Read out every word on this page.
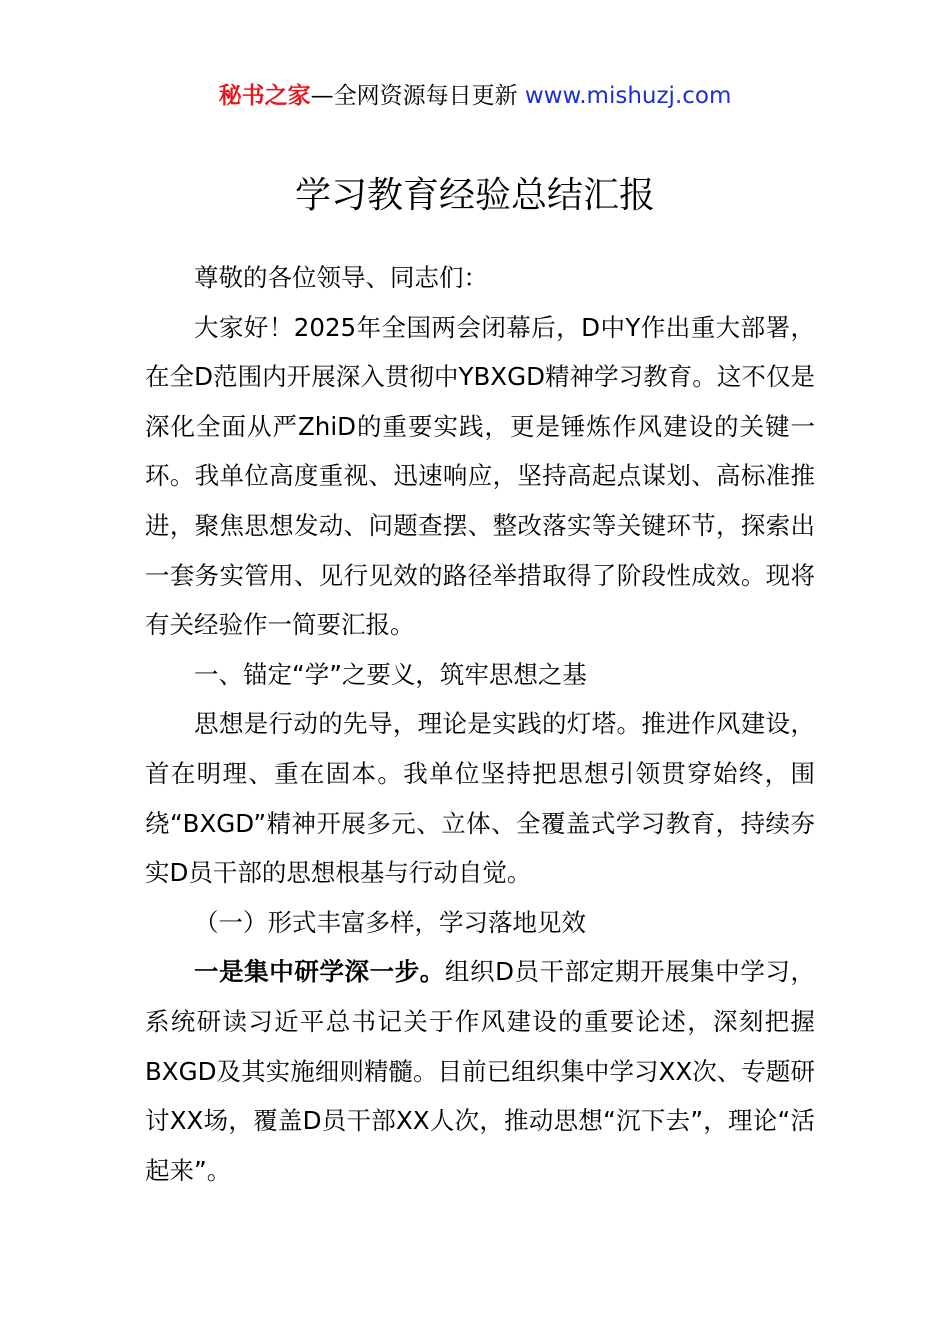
秘书之家—全网资源每日更新 www.mishuzj.com
学习教育经验总结汇报

尊敬的各位领导、同志们：

大家好！2025年全国两会闭幕后，D中Y作出重大部署，在全D范围内开展深入贯彻中YBXGD精神学习教育。这不仅是深化全面从严ZhiD的重要实践，更是锤炼作风建设的关键一环。我单位高度重视、迅速响应，坚持高起点谋划、高标准推进，聚焦思想发动、问题查摆、整改落实等关键环节，探索出一套务实管用、见行见效的路径举措取得了阶段性成效。现将有关经验作一简要汇报。

一、锚定“学”之要义，筑牢思想之基

思想是行动的先导，理论是实践的灯塔。推进作风建设，首在明理、重在固本。我单位坚持把思想引领贯穿始终，围绕“BXGD”精神开展多元、立体、全覆盖式学习教育，持续夯实D员干部的思想根基与行动自觉。

（一）形式丰富多样，学习落地见效

一是集中研学深一步。组织D员干部定期开展集中学习，系统研读习近平总书记关于作风建设的重要论述，深刻把握BXGD及其实施细则精髓。目前已组织集中学习XX次、专题研讨XX场，覆盖D员干部XX人次，推动思想“沉下去”，理论“活起来”。
